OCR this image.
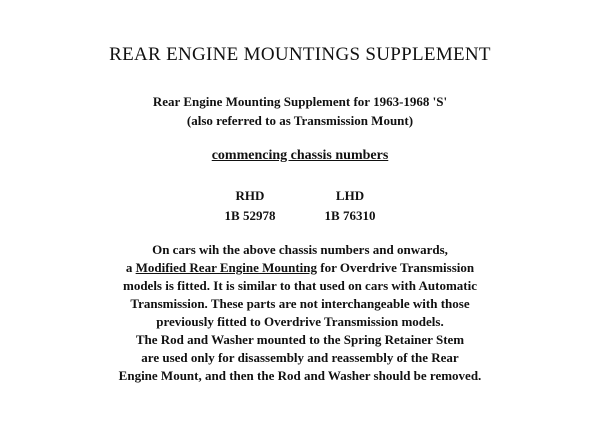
REAR ENGINE MOUNTINGS SUPPLEMENT
Rear Engine Mounting Supplement for 1963-1968 'S'
(also referred to as Transmission Mount)
commencing chassis numbers
RHD	LHD
1B 52978	1B 76310
On cars wih the above chassis numbers and onwards,
a Modified Rear Engine Mounting for Overdrive Transmission
models is fitted. It is similar to that used on cars with Automatic
Transmission. These parts are not interchangeable with those
previously fitted to Overdrive Transmission models.
The Rod and Washer mounted to the Spring Retainer Stem
are used only for disassembly and reassembly of the Rear
Engine Mount, and then the Rod and Washer should be removed.
